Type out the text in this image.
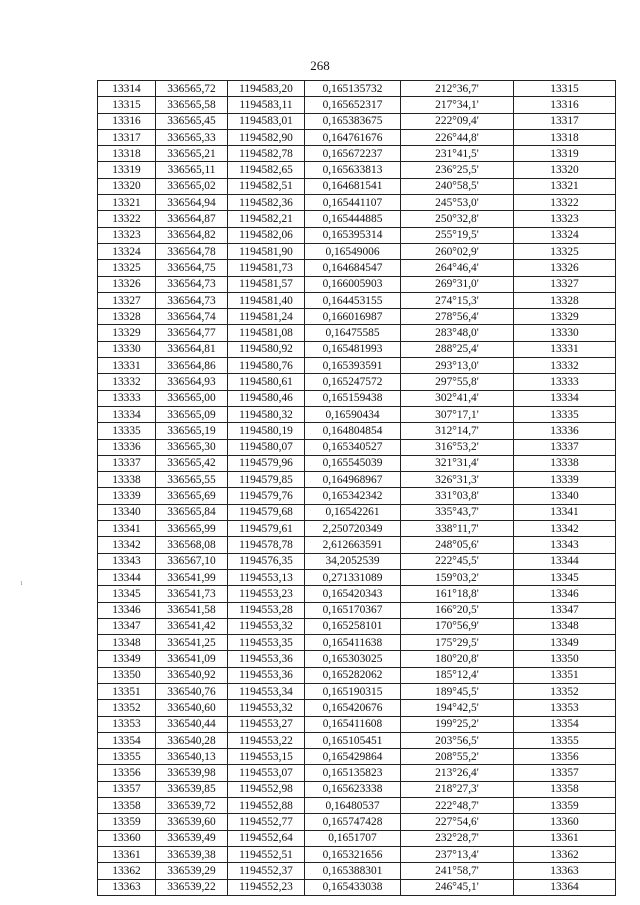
268
₁
13314	336565,72	1194583,20	0,165135732	212°36,7'	13315
13315	336565,58	1194583,11	0,165652317	217°34,1'	13316
13316	336565,45	1194583,01	0,165383675	222°09,4'	13317
13317	336565,33	1194582,90	0,164761676	226°44,8'	13318
13318	336565,21	1194582,78	0,165672237	231°41,5'	13319
13319	336565,11	1194582,65	0,165633813	236°25,5'	13320
13320	336565,02	1194582,51	0,164681541	240°58,5'	13321
13321	336564,94	1194582,36	0,165441107	245°53,0'	13322
13322	336564,87	1194582,21	0,165444885	250°32,8'	13323
13323	336564,82	1194582,06	0,165395314	255°19,5'	13324
13324	336564,78	1194581,90	0,16549006	260°02,9'	13325
13325	336564,75	1194581,73	0,164684547	264°46,4'	13326
13326	336564,73	1194581,57	0,166005903	269°31,0'	13327
13327	336564,73	1194581,40	0,164453155	274°15,3'	13328
13328	336564,74	1194581,24	0,166016987	278°56,4'	13329
13329	336564,77	1194581,08	0,16475585	283°48,0'	13330
13330	336564,81	1194580,92	0,165481993	288°25,4'	13331
13331	336564,86	1194580,76	0,165393591	293°13,0'	13332
13332	336564,93	1194580,61	0,165247572	297°55,8'	13333
13333	336565,00	1194580,46	0,165159438	302°41,4'	13334
13334	336565,09	1194580,32	0,16590434	307°17,1'	13335
13335	336565,19	1194580,19	0,164804854	312°14,7'	13336
13336	336565,30	1194580,07	0,165340527	316°53,2'	13337
13337	336565,42	1194579,96	0,165545039	321°31,4'	13338
13338	336565,55	1194579,85	0,164968967	326°31,3'	13339
13339	336565,69	1194579,76	0,165342342	331°03,8'	13340
13340	336565,84	1194579,68	0,16542261	335°43,7'	13341
13341	336565,99	1194579,61	2,250720349	338°11,7'	13342
13342	336568,08	1194578,78	2,612663591	248°05,6'	13343
13343	336567,10	1194576,35	34,2052539	222°45,5'	13344
13344	336541,99	1194553,13	0,271331089	159°03,2'	13345
13345	336541,73	1194553,23	0,165420343	161°18,8'	13346
13346	336541,58	1194553,28	0,165170367	166°20,5'	13347
13347	336541,42	1194553,32	0,165258101	170°56,9'	13348
13348	336541,25	1194553,35	0,165411638	175°29,5'	13349
13349	336541,09	1194553,36	0,165303025	180°20,8'	13350
13350	336540,92	1194553,36	0,165282062	185°12,4'	13351
13351	336540,76	1194553,34	0,165190315	189°45,5'	13352
13352	336540,60	1194553,32	0,165420676	194°42,5'	13353
13353	336540,44	1194553,27	0,165411608	199°25,2'	13354
13354	336540,28	1194553,22	0,165105451	203°56,5'	13355
13355	336540,13	1194553,15	0,165429864	208°55,2'	13356
13356	336539,98	1194553,07	0,165135823	213°26,4'	13357
13357	336539,85	1194552,98	0,165623338	218°27,3'	13358
13358	336539,72	1194552,88	0,16480537	222°48,7'	13359
13359	336539,60	1194552,77	0,165747428	227°54,6'	13360
13360	336539,49	1194552,64	0,1651707	232°28,7'	13361
13361	336539,38	1194552,51	0,165321656	237°13,4'	13362
13362	336539,29	1194552,37	0,165388301	241°58,7'	13363
13363	336539,22	1194552,23	0,165433038	246°45,1'	13364
